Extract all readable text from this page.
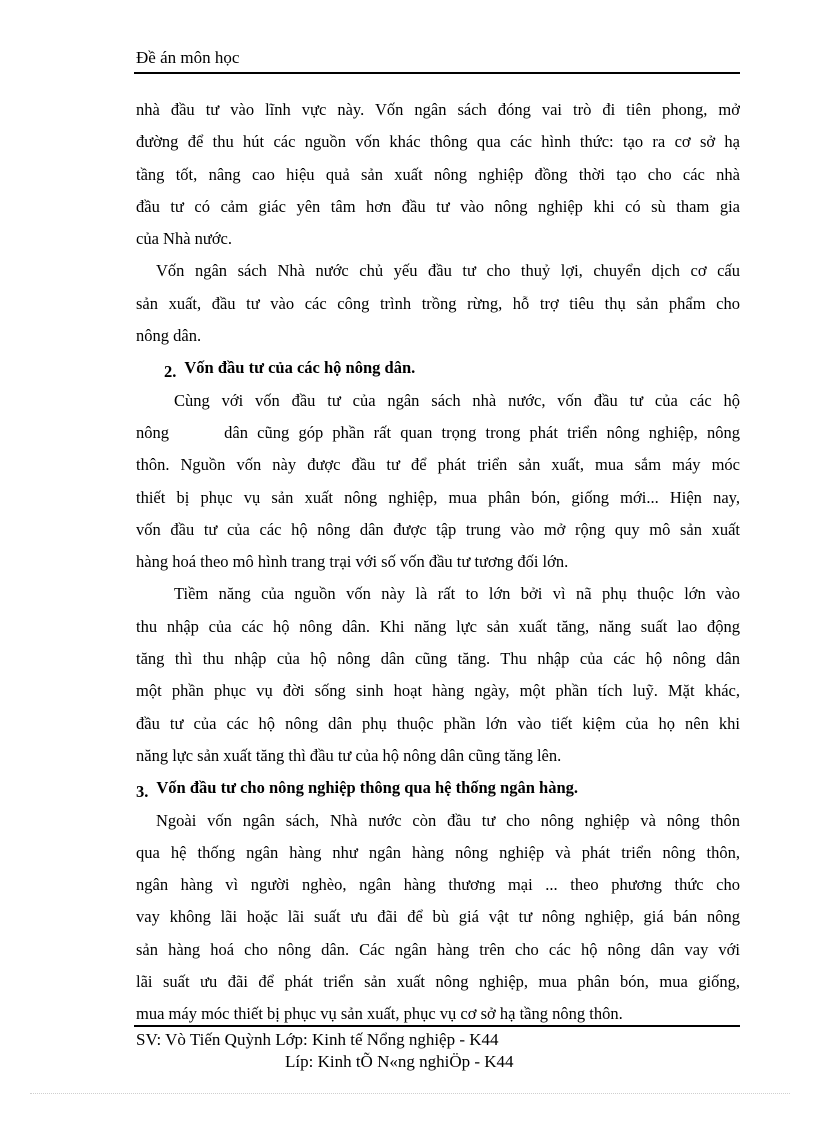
Đề án môn học
nhà đầu tư vào lĩnh vực này. Vốn ngân sách đóng vai trò đi tiên phong, mở
đường để thu hút các nguồn vốn khác thông qua các hình thức: tạo ra cơ sở hạ
tầng tốt, nâng cao hiệu quả sản xuất nông nghiệp đồng thời tạo cho các nhà
đầu tư có cảm giác yên tâm hơn đầu tư vào nông nghiệp khi có sù tham gia
của Nhà nước.
Vốn ngân sách Nhà nước chủ yếu đầu tư cho thuỷ lợi, chuyển dịch cơ cấu
sản xuất, đầu tư vào các công trình trồng rừng, hỗ trợ tiêu thụ sản phẩm cho
nông dân.
2. Vốn đầu tư của các hộ nông dân.
Cùng với vốn đầu tư của ngân sách nhà nước, vốn đầu tư của các hộ
nông      dân cũng góp phần rất quan trọng trong phát triển nông nghiệp, nông
thôn. Nguồn vốn này được đầu tư để phát triển sản xuất, mua sắm máy móc
thiết bị phục vụ sản xuất nông nghiệp, mua phân bón, giống mới... Hiện nay,
vốn đầu tư của các hộ nông dân được tập trung vào mở rộng quy mô sản xuất
hàng hoá theo mô hình trang trại với số vốn đầu tư tương đối lớn.
Tiềm năng của nguồn vốn này là rất to lớn bởi vì nã phụ thuộc lớn vào
thu nhập của các hộ nông dân. Khi năng lực sản xuất tăng, năng suất lao động
tăng thì thu nhập của hộ nông dân cũng tăng. Thu nhập của các hộ nông dân
một phần phục vụ đời sống sinh hoạt hàng ngày, một phần tích luỹ. Mặt khác,
đầu tư của các hộ nông dân phụ thuộc phần lớn vào tiết kiệm của họ nên khi
năng lực sản xuất tăng thì đầu tư của hộ nông dân cũng tăng lên.
3. Vốn đầu tư cho nông nghiệp thông qua hệ thống ngân hàng.
Ngoài vốn ngân sách, Nhà nước còn đầu tư cho nông nghiệp và nông thôn
qua hệ thống ngân hàng như ngân hàng nông nghiệp và phát triển nông thôn,
ngân hàng vì người nghèo, ngân hàng thương mại ... theo phương thức cho
vay không lãi hoặc lãi suất ưu đãi để bù giá vật tư nông nghiệp, giá bán nông
sản hàng hoá cho nông dân. Các ngân hàng trên cho các hộ nông dân vay với
lãi suất ưu đãi để phát triển sản xuất nông nghiệp, mua phân bón, mua giống,
mua máy móc thiết bị phục vụ sản xuất, phục vụ cơ sở hạ tầng nông thôn.
SV: Vò Tiến Quỳnh Lớp: Kinh tế Nổng nghiệp - K44
Líp: Kinh tÕ N«ng nghiÖp - K44
